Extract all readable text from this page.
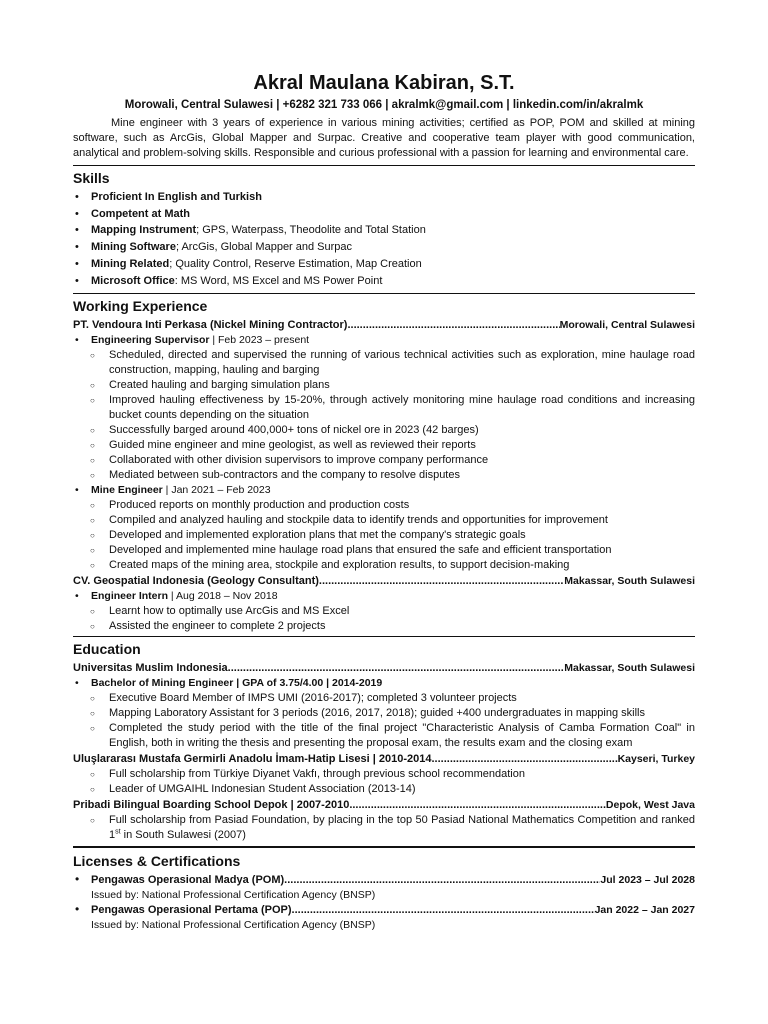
Akral Maulana Kabiran, S.T.
Morowali, Central Sulawesi | +6282 321 733 066 | akralmk@gmail.com | linkedin.com/in/akralmk
Mine engineer with 3 years of experience in various mining activities; certified as POP, POM and skilled at mining software, such as ArcGis, Global Mapper and Surpac. Creative and cooperative team player with good communication, analytical and problem-solving skills. Responsible and curious professional with a passion for learning and environmental care.
Skills
• Proficient In English and Turkish
• Competent at Math
• Mapping Instrument; GPS, Waterpass, Theodolite and Total Station
• Mining Software; ArcGis, Global Mapper and Surpac
• Mining Related; Quality Control, Reserve Estimation, Map Creation
• Microsoft Office: MS Word, MS Excel and MS Power Point
Working Experience
PT. Vendoura Inti Perkasa (Nickel Mining Contractor) .....	Morowali, Central Sulawesi
• Engineering Supervisor | Feb 2023 – present
○ Scheduled, directed and supervised the running of various technical activities such as exploration, mine haulage road construction, mapping, hauling and barging
○ Created hauling and barging simulation plans
○ Improved hauling effectiveness by 15-20%, through actively monitoring mine haulage road conditions and increasing bucket counts depending on the situation
○ Successfully barged around 400,000+ tons of nickel ore in 2023 (42 barges)
○ Guided mine engineer and mine geologist, as well as reviewed their reports
○ Collaborated with other division supervisors to improve company performance
○ Mediated between sub-contractors and the company to resolve disputes
• Mine Engineer | Jan 2021 – Feb 2023
○ Produced reports on monthly production and production costs
○ Compiled and analyzed hauling and stockpile data to identify trends and opportunities for improvement
○ Developed and implemented exploration plans that met the company's strategic goals
○ Developed and implemented mine haulage road plans that ensured the safe and efficient transportation
○ Created maps of the mining area, stockpile and exploration results, to support decision-making
CV. Geospatial Indonesia (Geology Consultant) .....	Makassar, South Sulawesi
• Engineer Intern | Aug 2018 – Nov 2018
○ Learnt how to optimally use ArcGis and MS Excel
○ Assisted the engineer to complete 2 projects
Education
Universitas Muslim Indonesia .....	Makassar, South Sulawesi
• Bachelor of Mining Engineer | GPA of 3.75/4.00 | 2014-2019
○ Executive Board Member of IMPS UMI (2016-2017); completed 3 volunteer projects
○ Mapping Laboratory Assistant for 3 periods (2016, 2017, 2018); guided +400 undergraduates in mapping skills
○ Completed the study period with the title of the final project "Characteristic Analysis of Camba Formation Coal" in English, both in writing the thesis and presenting the proposal exam, the results exam and the closing exam
Uluşlararası Mustafa Germirli Anadolu İmam-Hatip Lisesi | 2010-2014 .....	Kayseri, Turkey
○ Full scholarship from Türkiye Diyanet Vakfı, through previous school recommendation
○ Leader of UMGAIHL Indonesian Student Association (2013-14)
Pribadi Bilingual Boarding School Depok | 2007-2010 .....	Depok, West Java
○ Full scholarship from Pasiad Foundation, by placing in the top 50 Pasiad National Mathematics Competition and ranked 1st in South Sulawesi (2007)
Licenses & Certifications
• Pengawas Operasional Madya (POM) .....	Jul 2023 – Jul 2028
Issued by: National Professional Certification Agency (BNSP)
• Pengawas Operasional Pertama (POP) .....	Jan 2022 – Jan 2027
Issued by: National Professional Certification Agency (BNSP)
